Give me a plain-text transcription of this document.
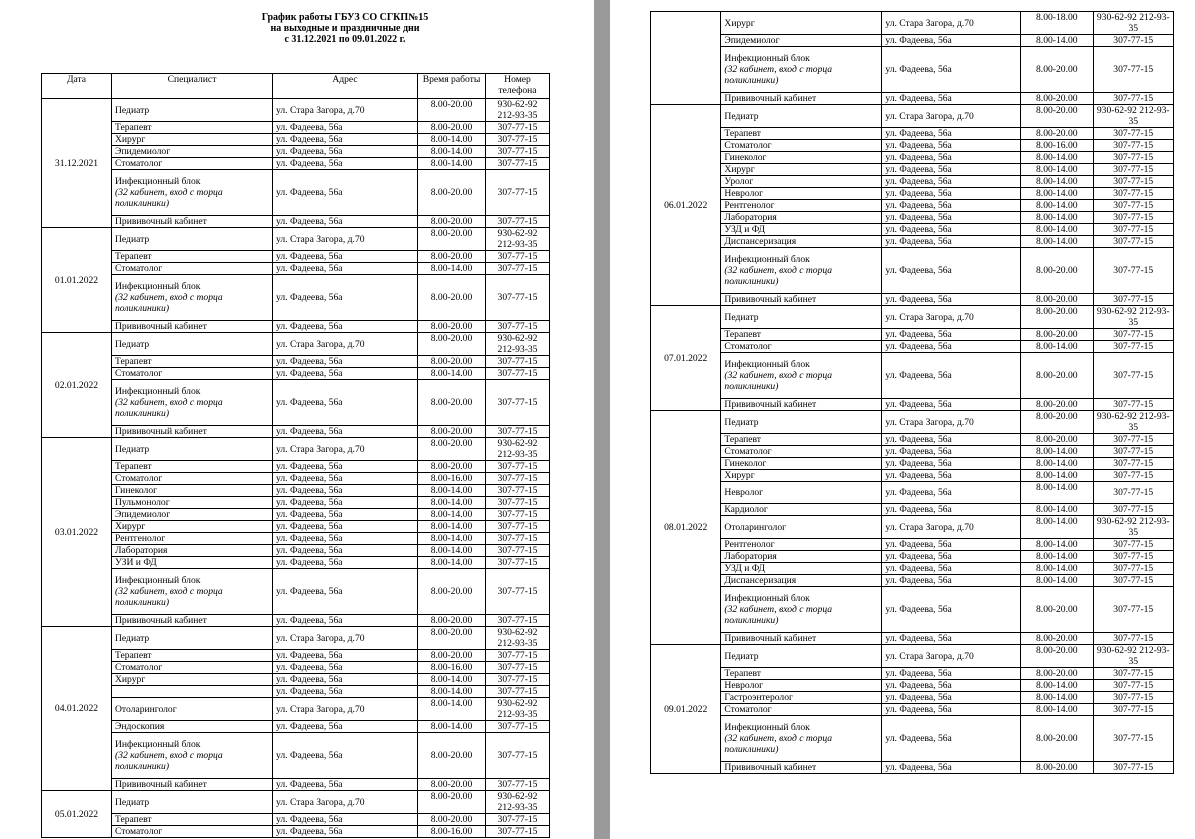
График работы ГБУЗ СО СГКП№15
на выходные и праздничные дни
с 31.12.2021 по 09.01.2022 г.
Дата	Специалист	Адрес	Время работы	Номер телефона
31.12.2021	Педиатр	ул. Стара Загора, д.70	8.00-20.00	930-62-92 212-93-35
	Терапевт	ул. Фадеева, 56а	8.00-20.00	307-77-15
	Хирург	ул. Фадеева, 56а	8.00-14.00	307-77-15
	Эпидемиолог	ул. Фадеева, 56а	8.00-14.00	307-77-15
	Стоматолог	ул. Фадеева, 56а	8.00-14.00	307-77-15
	Инфекционный блок
(32 кабинет, вход с торца поликлиники)	ул. Фадеева, 56а	8.00-20.00	307-77-15
	Прививочный кабинет	ул. Фадеева, 56а	8.00-20.00	307-77-15
01.01.2022	Педиатр	ул. Стара Загора, д.70	8.00-20.00	930-62-92 212-93-35
	Терапевт	ул. Фадеева, 56а	8.00-20.00	307-77-15
	Стоматолог	ул. Фадеева, 56а	8.00-14.00	307-77-15
	Инфекционный блок
(32 кабинет, вход с торца поликлиники)	ул. Фадеева, 56а	8.00-20.00	307-77-15
	Прививочный кабинет	ул. Фадеева, 56а	8.00-20.00	307-77-15
02.01.2022	Педиатр	ул. Стара Загора, д.70	8.00-20.00	930-62-92 212-93-35
	Терапевт	ул. Фадеева, 56а	8.00-20.00	307-77-15
	Стоматолог	ул. Фадеева, 56а	8.00-14.00	307-77-15
	Инфекционный блок
(32 кабинет, вход с торца поликлиники)	ул. Фадеева, 56а	8.00-20.00	307-77-15
	Прививочный кабинет	ул. Фадеева, 56а	8.00-20.00	307-77-15
03.01.2022	Педиатр	ул. Стара Загора, д.70	8.00-20.00	930-62-92 212-93-35
	Терапевт	ул. Фадеева, 56а	8.00-20.00	307-77-15
	Стоматолог	ул. Фадеева, 56а	8.00-16.00	307-77-15
	Гинеколог	ул. Фадеева, 56а	8.00-14.00	307-77-15
	Пульмонолог	ул. Фадеева, 56а	8.00-14.00	307-77-15
	Эпидемиолог	ул. Фадеева, 56а	8.00-14.00	307-77-15
	Хирург	ул. Фадеева, 56а	8.00-14.00	307-77-15
	Рентгенолог	ул. Фадеева, 56а	8.00-14.00	307-77-15
	Лаборатория	ул. Фадеева, 56а	8.00-14.00	307-77-15
	УЗИ и ФД	ул. Фадеева, 56а	8.00-14.00	307-77-15
	Инфекционный блок
(32 кабинет, вход с торца поликлиники)	ул. Фадеева, 56а	8.00-20.00	307-77-15
	Прививочный кабинет	ул. Фадеева, 56а	8.00-20.00	307-77-15
04.01.2022	Педиатр	ул. Стара Загора, д.70	8.00-20.00	930-62-92 212-93-35
	Терапевт	ул. Фадеева, 56а	8.00-20.00	307-77-15
	Стоматолог	ул. Фадеева, 56а	8.00-16.00	307-77-15
	Хирург	ул. Фадеева, 56а	8.00-14.00	307-77-15
		ул. Фадеева, 56а	8.00-14.00	307-77-15
	Отоларинголог	ул. Стара Загора, д.70	8.00-14.00	930-62-92 212-93-35
	Эндоскопия	ул. Фадеева, 56а	8.00-14.00	307-77-15
	Инфекционный блок
(32 кабинет, вход с торца поликлиники)	ул. Фадеева, 56а	8.00-20.00	307-77-15
	Прививочный кабинет	ул. Фадеева, 56а	8.00-20.00	307-77-15
05.01.2022	Педиатр	ул. Стара Загора, д.70	8.00-20.00	930-62-92 212-93-35
	Терапевт	ул. Фадеева, 56а	8.00-20.00	307-77-15
	Стоматолог	ул. Фадеева, 56а	8.00-16.00	307-77-15
	Хирург	ул. Стара Загора, д.70	8.00-18.00	930-62-92 212-93-35
	Эпидемиолог	ул. Фадеева, 56а	8.00-14.00	307-77-15
	Инфекционный блок
(32 кабинет, вход с торца поликлиники)	ул. Фадеева, 56а	8.00-20.00	307-77-15
	Прививочный кабинет	ул. Фадеева, 56а	8.00-20.00	307-77-15
06.01.2022	Педиатр	ул. Стара Загора, д.70	8.00-20.00	930-62-92 212-93-35
	Терапевт	ул. Фадеева, 56а	8.00-20.00	307-77-15
	Стоматолог	ул. Фадеева, 56а	8.00-16.00	307-77-15
	Гинеколог	ул. Фадеева, 56а	8.00-14.00	307-77-15
	Хирург	ул. Фадеева, 56а	8.00-14.00	307-77-15
	Уролог	ул. Фадеева, 56а	8.00-14.00	307-77-15
	Невролог	ул. Фадеева, 56а	8.00-14.00	307-77-15
	Рентгенолог	ул. Фадеева, 56а	8.00-14.00	307-77-15
	Лаборатория	ул. Фадеева, 56а	8.00-14.00	307-77-15
	УЗД и ФД	ул. Фадеева, 56а	8.00-14.00	307-77-15
	Диспансеризация	ул. Фадеева, 56а	8.00-14.00	307-77-15
	Инфекционный блок
(32 кабинет, вход с торца поликлиники)	ул. Фадеева, 56а	8.00-20.00	307-77-15
	Прививочный кабинет	ул. Фадеева, 56а	8.00-20.00	307-77-15
07.01.2022	Педиатр	ул. Стара Загора, д.70	8.00-20.00	930-62-92 212-93-35
	Терапевт	ул. Фадеева, 56а	8.00-20.00	307-77-15
	Стоматолог	ул. Фадеева, 56а	8.00-14.00	307-77-15
	Инфекционный блок
(32 кабинет, вход с торца поликлиники)	ул. Фадеева, 56а	8.00-20.00	307-77-15
	Прививочный кабинет	ул. Фадеева, 56а	8.00-20.00	307-77-15
08.01.2022	Педиатр	ул. Стара Загора, д.70	8.00-20.00	930-62-92 212-93-35
	Терапевт	ул. Фадеева, 56а	8.00-20.00	307-77-15
	Стоматолог	ул. Фадеева, 56а	8.00-14.00	307-77-15
	Гинеколог	ул. Фадеева, 56а	8.00-14.00	307-77-15
	Хирург	ул. Фадеева, 56а	8.00-14.00	307-77-15
	Невролог	ул. Фадеева, 56а	8.00-14.00	307-77-15
	Кардиолог	ул. Фадеева, 56а	8.00-14.00	307-77-15
	Отоларинголог	ул. Стара Загора, д.70	8.00-14.00	930-62-92 212-93-35
	Рентгенолог	ул. Фадеева, 56а	8.00-14.00	307-77-15
	Лаборатория	ул. Фадеева, 56а	8.00-14.00	307-77-15
	УЗД и ФД	ул. Фадеева, 56а	8.00-14.00	307-77-15
	Диспансеризация	ул. Фадеева, 56а	8.00-14.00	307-77-15
	Инфекционный блок
(32 кабинет, вход с торца поликлиники)	ул. Фадеева, 56а	8.00-20.00	307-77-15
	Прививочный кабинет	ул. Фадеева, 56а	8.00-20.00	307-77-15
09.01.2022	Педиатр	ул. Стара Загора, д.70	8.00-20.00	930-62-92 212-93-35
	Терапевт	ул. Фадеева, 56а	8.00-20.00	307-77-15
	Невролог	ул. Фадеева, 56а	8.00-14.00	307-77-15
	Гастроэнтеролог	ул. Фадеева, 56а	8.00-14.00	307-77-15
	Стоматолог	ул. Фадеева, 56а	8.00-14.00	307-77-15
	Инфекционный блок
(32 кабинет, вход с торца поликлиники)	ул. Фадеева, 56а	8.00-20.00	307-77-15
	Прививочный кабинет	ул. Фадеева, 56а	8.00-20.00	307-77-15
